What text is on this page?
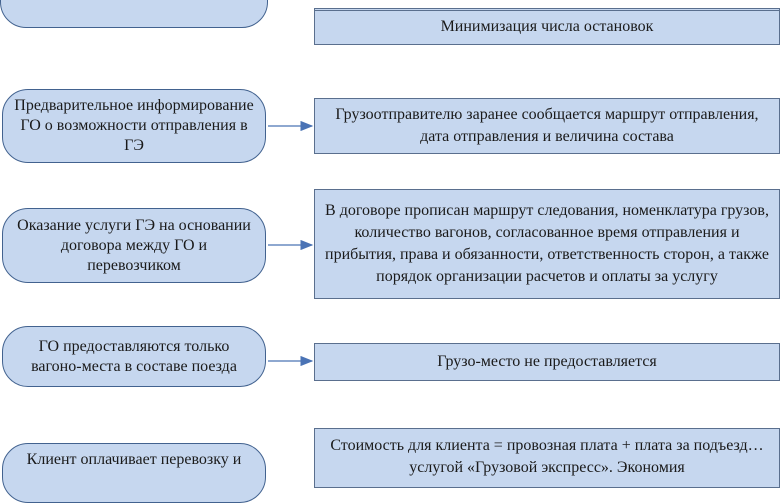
Минимизация числа остановок
Предварительное информирование ГО о возможности отправления в ГЭ
Грузоотправителю заранее сообщается маршрут отправления, дата отправления и величина состава
Оказание услуги ГЭ на основании договора между ГО и перевозчиком
В договоре прописан маршрут следования, номенклатура грузов, количество вагонов, согласованное время отправления и прибытия, права и обязанности, ответственность сторон, а также порядок организации расчетов и оплаты за услугу
ГО предоставляются только вагоно-места в составе поезда	Грузо-место не предоставляется
Клиент оплачивает перевозку и
Стоимость для клиента = провозная плата + плата за подъезд… услугой «Грузовой экспресс». Экономия
